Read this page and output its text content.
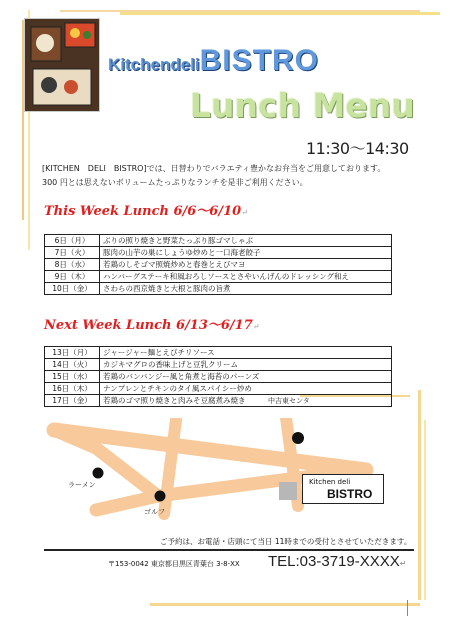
KitchendeliBISTRO
Lunch Menu
11:30～14:30

[KITCHEN　DELI　BISTRO]では、日替わりでバラエティ豊かなお弁当をご用意しております。

300 円とは思えないボリュームたっぷりなランチを是非ご利用ください。

This Week Lunch 6/6～6/10↵
6日（月）	ぶりの照り焼きと野菜たっぷり豚ゴマしゃぶ
7日（火）	豚肉の山芋の巣にしょうゆ炒めと一口海老餃子
8日（水）	若鶏のしそゴマ照焼炒めと春巻とえびマヨ
9日（木）	ハンバーグステーキ和風おろしソースとさやいんげんのドレッシング和え
10日（金）	さわらの西京焼きと大根と豚肉の旨煮
Next Week Lunch 6/13～6/17↵
13日（月）	ジャージャー麺とえびチリソース
14日（火）	カジキマグロの香味上げと豆乳クリーム
15日（水）	若鶏のバンバンジー風と角煮と海苔のパーンズ
16日（木）	ナンプレンとチキンのタイ風スパイシー炒め
17日（金）	若鶏のゴマ照り焼きと肉みそ豆腐煮み焼き	中吉東センタ
ラーメン
ゴルフ
Kitchen deli
BISTRO
ご予約は、お電話・店頭にて当日 11時までの受付とさせていただきます。
〒153-0042 東京都目黒区青葉台 3-8-XX TEL:03-3719-XXXX↵
